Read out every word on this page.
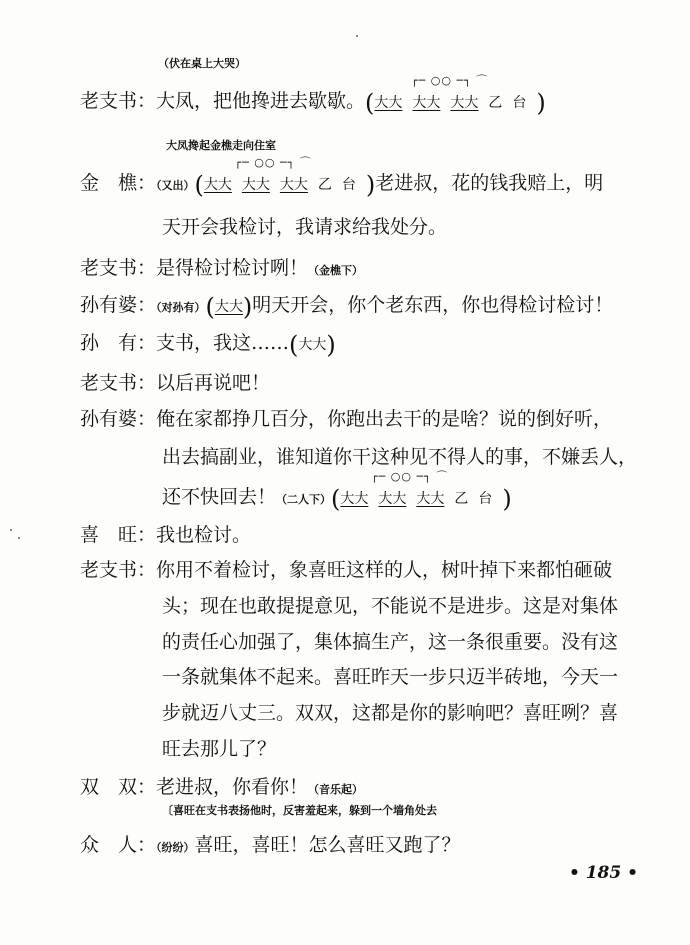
（伏在桌上大哭）
老支书：大凤，把他搀进去歇歇。
┌─ ○○ ─┐ ⌒
(大大 大大 大大 乙 台 )
大凤搀起金樵走向住室
金　樵：（又出）
┌─ ○○ ─┐ ⌒
(大大 大大 大大 乙 台 )老进叔，花的钱我赔上，明
天开会我检讨，我请求给我处分。
老支书：是得检讨检讨咧！（金樵下）
孙有婆：（对孙有）(大大)明天开会，你个老东西，你也得检讨检讨！
孙　有：支书，我这……(大大)
老支书：以后再说吧！
孙有婆：俺在家都挣几百分，你跑出去干的是啥？说的倒好听，
出去搞副业，谁知道你干这种见不得人的事，不嫌丢人，
还不快回去！（二人下）
┌─ ○○ ─┐ ⌒
(大大 大大 大大 乙 台 )
喜　旺：我也检讨。
老支书：你用不着检讨，象喜旺这样的人，树叶掉下来都怕砸破
头；现在也敢提提意见，不能说不是进步。这是对集体
的责任心加强了，集体搞生产，这一条很重要。没有这
一条就集体不起来。喜旺昨天一步只迈半砖地，今天一
步就迈八丈三。双双，这都是你的影响吧？喜旺咧？喜
旺去那儿了？
双　双：老进叔，你看你！（音乐起）
〔喜旺在支书表扬他时，反害羞起来，躲到一个墙角处去
众　人：（纷纷）喜旺，喜旺！怎么喜旺又跑了？
• 185 •
